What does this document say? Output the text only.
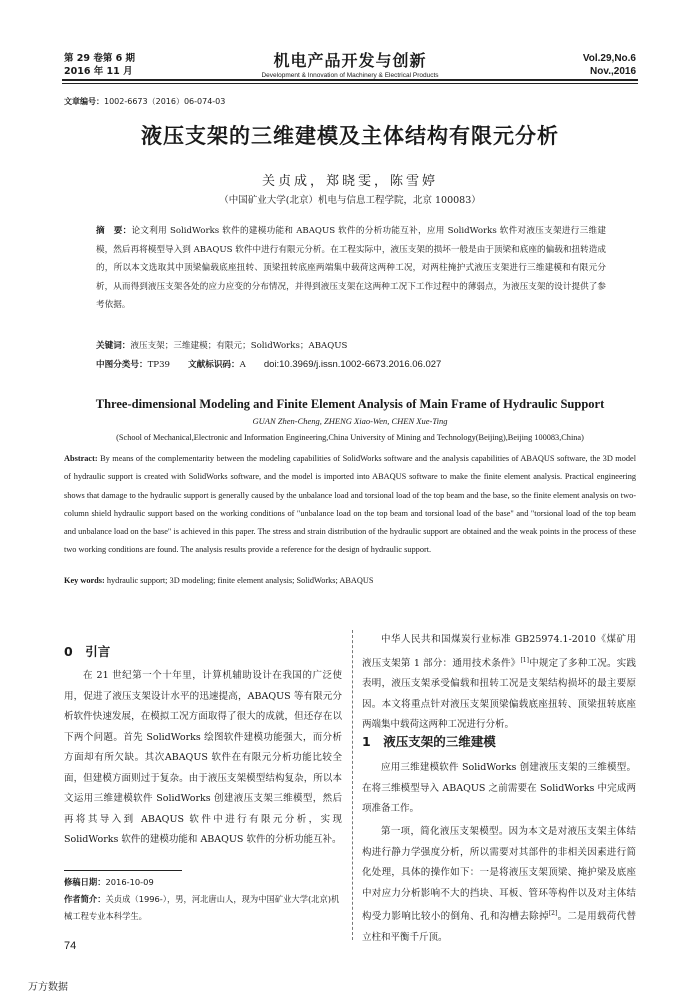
第 29 卷第 6 期
2016 年 11 月
机电产品开发与创新
Development & Innovation of Machinery & Electrical Products
Vol.29,No.6
Nov.,2016
文章编号：1002-6673（2016）06-074-03
液压支架的三维建模及主体结构有限元分析
关贞成，郑晓雯，陈雪婷
（中国矿业大学(北京）机电与信息工程学院，北京 100083）
摘　要：论文利用 SolidWorks 软件的建模功能和 ABAQUS 软件的分析功能互补，应用 SolidWorks 软件对液压支架进行三维建模，然后再将模型导入到 ABAQUS 软件中进行有限元分析。在工程实际中，液压支架的损坏一般是由于顶梁和底座的偏载和扭转造成的，所以本文选取其中顶梁偏载底座扭转、顶梁扭转底座两端集中载荷这两种工况，对两柱掩护式液压支架进行三维建模和有限元分析，从而得到液压支架各处的应力应变的分布情况，并得到液压支架在这两种工况下工作过程中的薄弱点，为液压支架的设计提供了参考依据。
关键词：液压支架；三维建模；有限元；SolidWorks；ABAQUS
中图分类号：TP39 文献标识码：A doi:10.3969/j.issn.1002-6673.2016.06.027
Three-dimensional Modeling and Finite Element Analysis of Main Frame of Hydraulic Support
GUAN Zhen-Cheng, ZHENG Xiao-Wen, CHEN Xue-Ting
(School of Mechanical,Electronic and Information Engineering,China University of Mining and Technology(Beijing),Beijing 100083,China)
Abstract: By means of the complementarity between the modeling capabilities of SolidWorks software and the analysis capabilities of ABAQUS software, the 3D model of hydraulic support is created with SolidWorks software, and the model is imported into ABAQUS software to make the finite element analysis. Practical engineering shows that damage to the hydraulic support is generally caused by the unbalance load and torsional load of the top beam and the base, so the finite element analysis on two-column shield hydraulic support based on the working conditions of "unbalance load on the top beam and torsional load of the base" and "torsional load of the top beam and unbalance load on the base" is achieved in this paper. The stress and strain distribution of the hydraulic support are obtained and the weak points in the process of these two working conditions are found. The analysis results provide a reference for the design of hydraulic support.
Key words: hydraulic support; 3D modeling; finite element analysis; SolidWorks; ABAQUS
0　引言
在 21 世纪第一个十年里，计算机辅助设计在我国的广泛使用，促进了液压支架设计水平的迅速提高，ABAQUS 等有限元分析软件快速发展，在模拟工况方面取得了很大的成就，但还存在以下两个问题。首先 SolidWorks 绘图软件建模功能强大，而分析方面却有所欠缺。其次ABAQUS 软件在有限元分析功能比较全面，但建模方面则过于复杂。由于液压支架模型结构复杂，所以本文运用三维建模软件 SolidWorks 创建液压支架三维模型，然后再将其导入到 ABAQUS 软件中进行有限元分析，实现 SolidWorks 软件的建模功能和 ABAQUS 软件的分析功能互补。
修稿日期：2016-10-09
作者简介：关贞成（1996-），男，河北唐山人，现为中国矿业大学(北京)机械工程专业本科学生。
中华人民共和国煤炭行业标准 GB25974.1-2010《煤矿用液压支架第 1 部分：通用技术条件》[1]中规定了多种工况。实践表明，液压支架承受偏载和扭转工况是支架结构损坏的最主要原因。本文将重点针对液压支架顶梁偏载底座扭转、顶梁扭转底座两端集中载荷这两种工况进行分析。
1　液压支架的三维建模
应用三维建模软件 SolidWorks 创建液压支架的三维模型。在将三维模型导入 ABAQUS 之前需要在 SolidWorks 中完成两项准备工作。
第一项，简化液压支架模型。因为本文是对液压支架主体结构进行静力学强度分析，所以需要对其部件的非相关因素进行简化处理，具体的操作如下：一是将液压支架顶梁、掩护梁及底座中对应力分析影响不大的挡块、耳板、管环等构件以及对主体结构受力影响比较小的倒角、孔和沟槽去除掉[2]。二是用载荷代替立柱和平衡千斤顶。
74
万方数据
